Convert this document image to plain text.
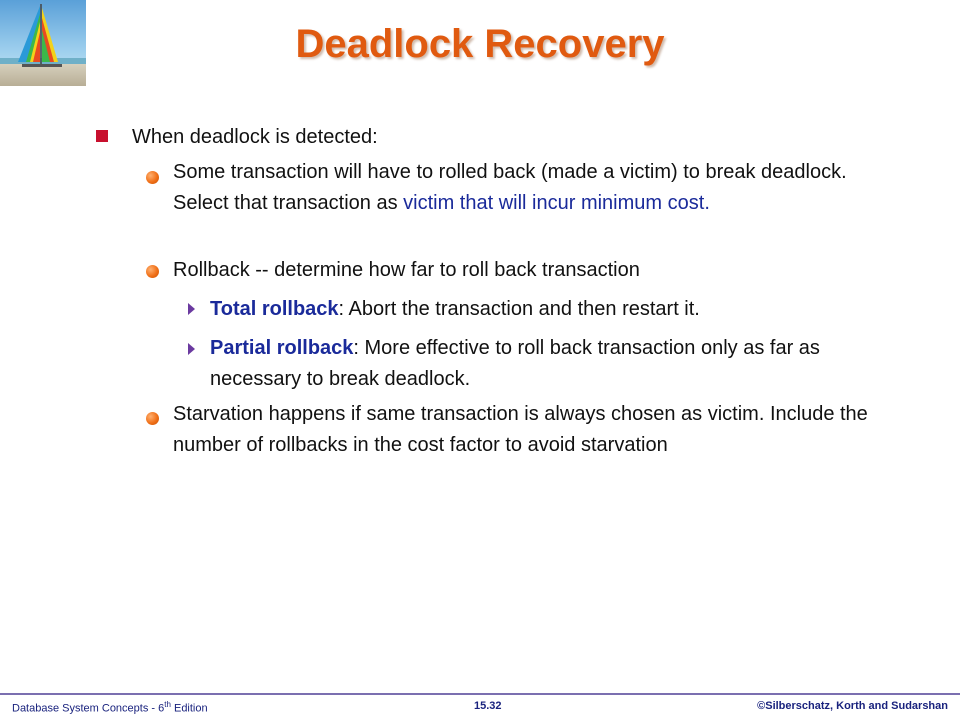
Deadlock Recovery
When deadlock is detected:
Some transaction will have to rolled back (made a victim) to break deadlock. Select that transaction as victim that will incur minimum cost.
Rollback -- determine how far to roll back transaction
Total rollback: Abort the transaction and then restart it.
Partial rollback: More effective to roll back transaction only as far as necessary to break deadlock.
Starvation happens if same transaction is always chosen as victim. Include the number of rollbacks in the cost factor to avoid starvation
Database System Concepts - 6th Edition	15.32	©Silberschatz, Korth and Sudarshan
